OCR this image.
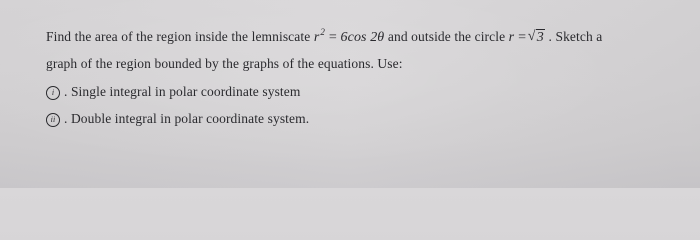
Find the area of the region inside the lemniscate $r^2 = 6\cos$ 2θ and outside the circle r = √ 3 . Sketch a
graph of the region bounded by the graphs of the equations. Use:
i . Single integral in polar coordinate system
ii . Double integral in polar coordinate system.
